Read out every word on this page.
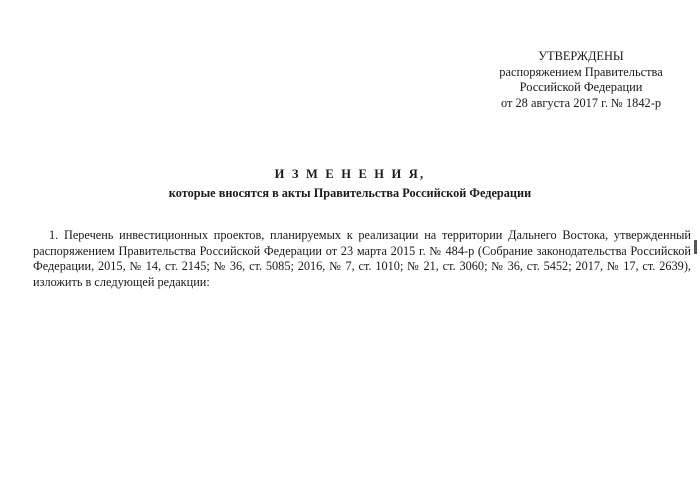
УТВЕРЖДЕНЫ
распоряжением Правительства
Российской Федерации
от 28 августа 2017 г. № 1842-р
И З М Е Н Е Н И Я,
которые вносятся в акты Правительства Российской Федерации
1. Перечень инвестиционных проектов, планируемых к реализации на территории Дальнего Востока, утвержденный
распоряжением Правительства Российской Федерации от 23 марта 2015 г. № 484-р (Собрание законодательства Российской
Федерации, 2015, № 14, ст. 2145; № 36, ст. 5085; 2016, № 7, ст. 1010; № 21, ст. 3060; № 36, ст. 5452; 2017, № 17, ст. 2639),
изложить в следующей редакции:
